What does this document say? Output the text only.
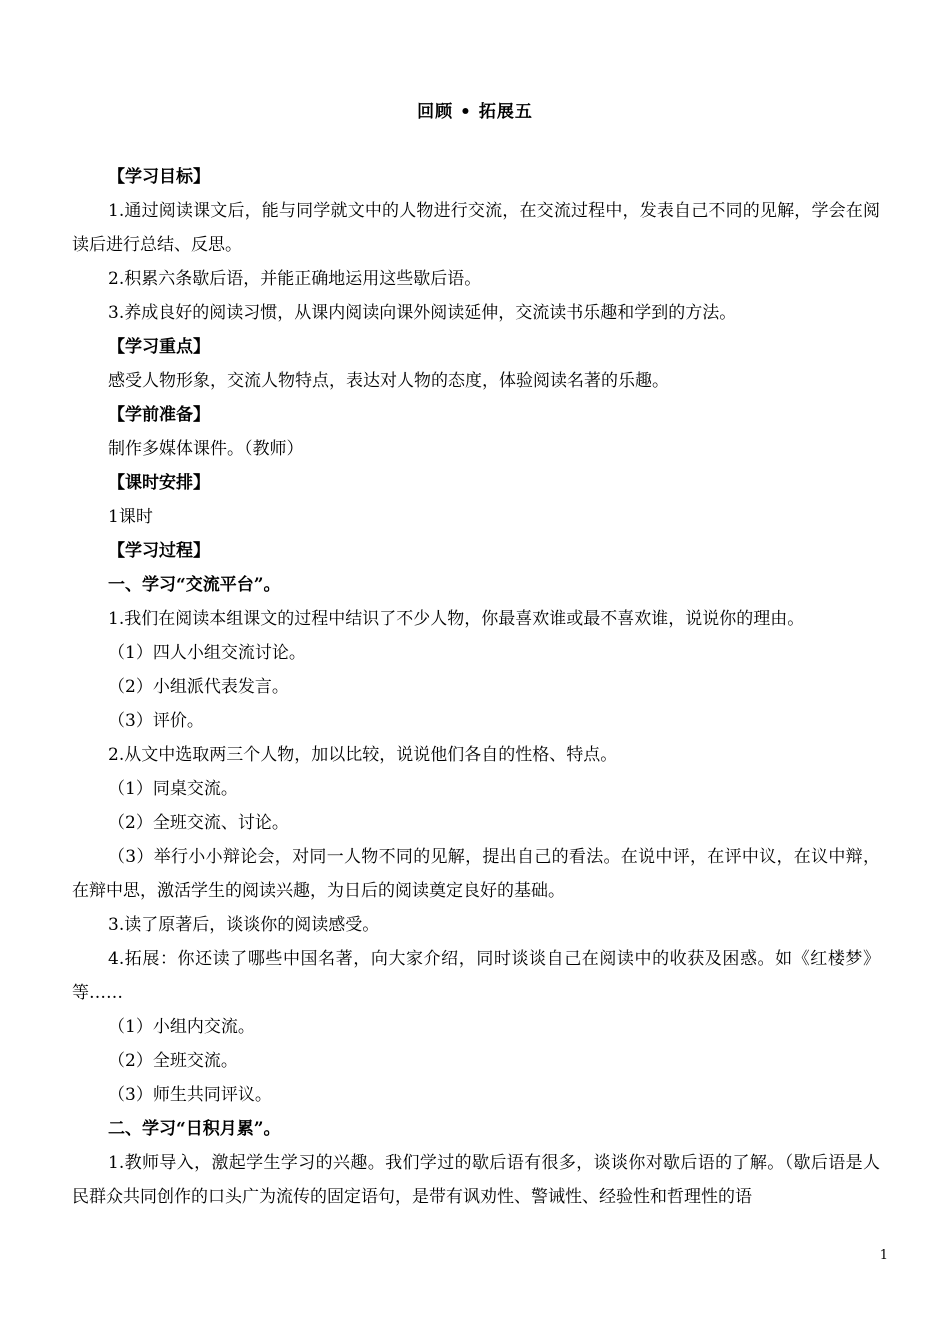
回顾 • 拓展五

【学习目标】

1.通过阅读课文后，能与同学就文中的人物进行交流，在交流过程中，发表自己不同的见解，学会在阅读后进行总结、反思。

2.积累六条歇后语，并能正确地运用这些歇后语。

3.养成良好的阅读习惯，从课内阅读向课外阅读延伸，交流读书乐趣和学到的方法。

【学习重点】

感受人物形象，交流人物特点，表达对人物的态度，体验阅读名著的乐趣。

【学前准备】

制作多媒体课件。（教师）

【课时安排】

1课时

【学习过程】

一、学习“交流平台”。

1.我们在阅读本组课文的过程中结识了不少人物，你最喜欢谁或最不喜欢谁，说说你的理由。

（1）四人小组交流讨论。

（2）小组派代表发言。

（3）评价。

2.从文中选取两三个人物，加以比较，说说他们各自的性格、特点。

（1）同桌交流。

（2）全班交流、讨论。

（3）举行小小辩论会，对同一人物不同的见解，提出自己的看法。在说中评，在评中议，在议中辩，在辩中思，激活学生的阅读兴趣，为日后的阅读奠定良好的基础。

3.读了原著后，谈谈你的阅读感受。

4.拓展：你还读了哪些中国名著，向大家介绍，同时谈谈自己在阅读中的收获及困惑。如《红楼梦》等……

（1）小组内交流。

（2）全班交流。

（3）师生共同评议。

二、学习“日积月累”。

1.教师导入，激起学生学习的兴趣。我们学过的歇后语有很多，谈谈你对歇后语的了解。（歇后语是人民群众共同创作的口头广为流传的固定语句，是带有讽劝性、警诫性、经验性和哲理性的语

1
